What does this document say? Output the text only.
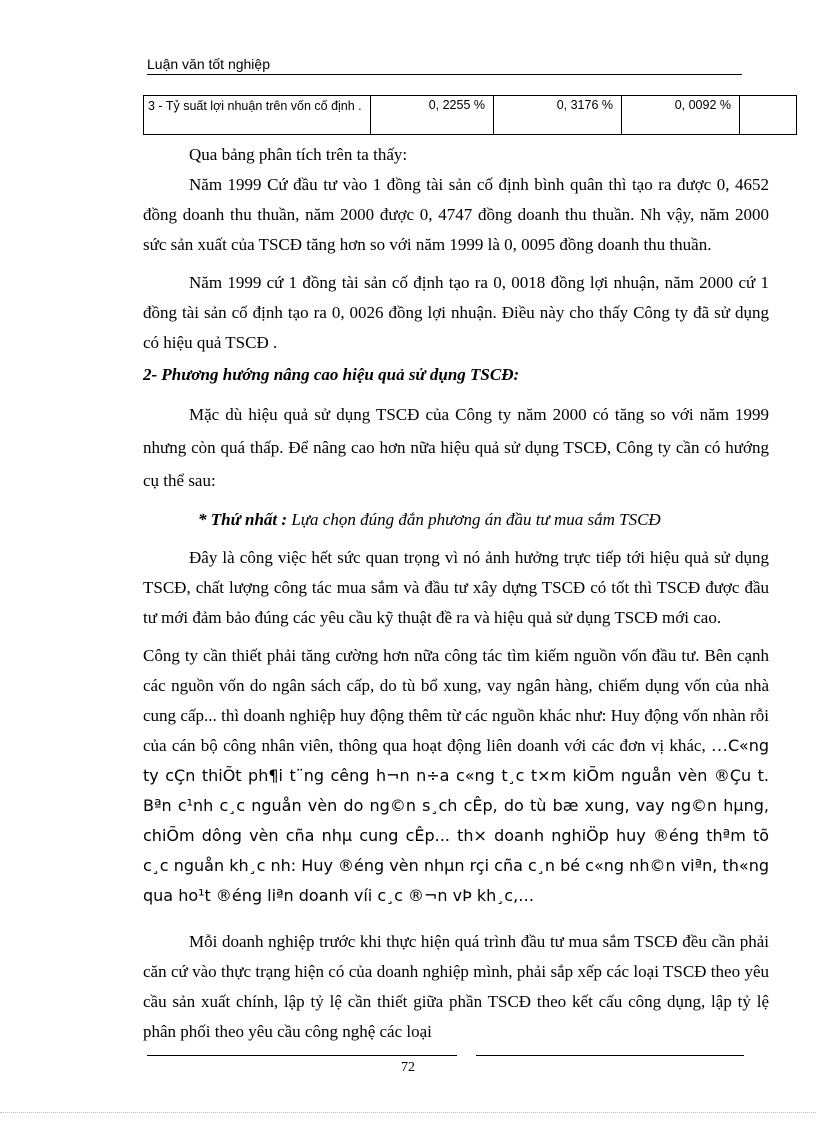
Luận văn tốt nghiệp
3 - Tỷ suất lợi nhuận trên vốn cố định .	0, 2255 %	0, 3176 %	0, 0092 %	

Qua bảng phân tích trên ta thấy:

Năm 1999 Cứ đầu tư vào 1 đồng tài sản cố định bình quân thì tạo ra được 0, 4652 đồng doanh thu thuần, năm 2000 được 0, 4747 đồng doanh thu thuần. Nh vậy, năm 2000 sức sản xuất của TSCĐ tăng hơn so với năm 1999 là 0, 0095 đồng doanh thu thuần.

Năm 1999 cứ 1 đồng tài sản cố định tạo ra 0, 0018 đồng lợi nhuận, năm 2000 cứ 1 đồng tài sản cố định tạo ra 0, 0026 đồng lợi nhuận. Điều này cho thấy Công ty đã sử dụng có hiệu quả TSCĐ .

2- Phương hướng nâng cao hiệu quả sử dụng TSCĐ:

Mặc dù hiệu quả sử dụng TSCĐ của Công ty năm 2000 có tăng so với năm 1999 nhưng còn quá thấp. Để nâng cao hơn nữa hiệu quả sử dụng TSCĐ, Công ty cần có hướng cụ thể sau:

* Thứ nhất : Lựa chọn đúng đắn phương án đầu tư mua sắm TSCĐ

Đây là công việc hết sức quan trọng vì nó ảnh hưởng trực tiếp tới hiệu quả sử dụng TSCĐ, chất lượng công tác mua sắm và đầu tư xây dựng TSCĐ có tốt thì TSCĐ được đầu tư mới đảm bảo đúng các yêu cầu kỹ thuật đề ra và hiệu quả sử dụng TSCĐ mới cao.

Công ty cần thiết phải tăng cường hơn nữa công tác tìm kiếm nguồn vốn đầu tư. Bên cạnh các nguồn vốn do ngân sách cấp, do tù bổ xung, vay ngân hàng, chiếm dụng vốn của nhà cung cấp... thì doanh nghiệp huy động thêm từ các nguồn khác như: Huy động vốn nhàn rỗi của cán bộ công nhân viên, thông qua hoạt động liên doanh với các đơn vị khác, …C«ng ty cÇn thiÕt ph¶i t¨ng cêng h¬n n÷a c«ng t¸c t×m kiÕm nguån vèn ®Çu t. Bªn c¹nh c¸c nguån vèn do ng©n s¸ch cÊp, do tù bæ xung, vay ng©n hµng, chiÕm dông vèn cña nhµ cung cÊp... th× doanh nghiÖp huy ®éng thªm tõ c¸c nguån kh¸c nh: Huy ®éng vèn nhµn rçi cña c¸n bé c«ng nh©n viªn, th«ng qua ho¹t ®éng liªn doanh víi c¸c ®¬n vÞ kh¸c,…

Mỗi doanh nghiệp trước khi thực hiện quá trình đầu tư mua sắm TSCĐ đều cần phải căn cứ vào thực trạng hiện có của doanh nghiệp mình, phải sắp xếp các loại TSCĐ theo yêu cầu sản xuất chính, lập tỷ lệ cần thiết giữa phần TSCĐ theo kết cấu công dụng, lập tỷ lệ phân phối theo yêu cầu công nghệ các loại

72
